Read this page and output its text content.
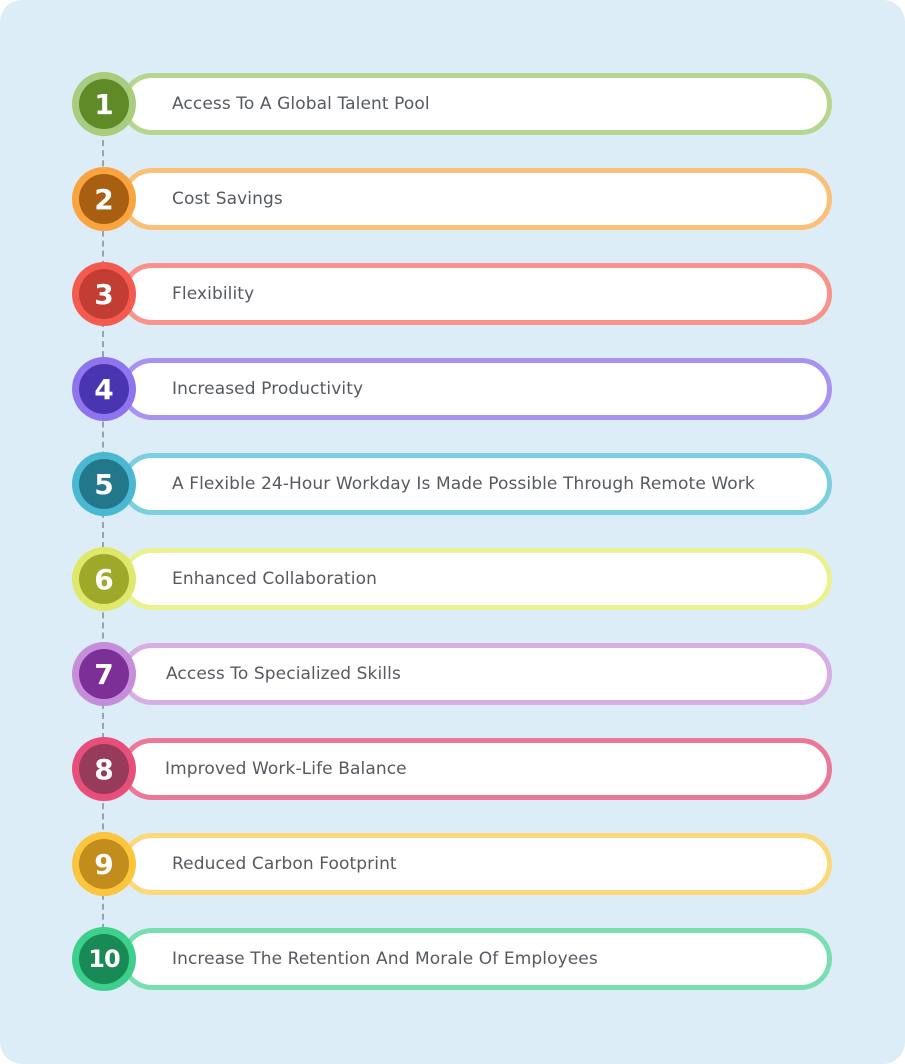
Access To A Global Talent Pool
1
Cost Savings
2
Flexibility
3
Increased Productivity
4
A Flexible 24-Hour Workday Is Made Possible Through Remote Work
5
Enhanced Collaboration
6
Access To Specialized Skills
7
Improved Work-Life Balance
8
Reduced Carbon Footprint
9
Increase The Retention And Morale Of Employees
10
